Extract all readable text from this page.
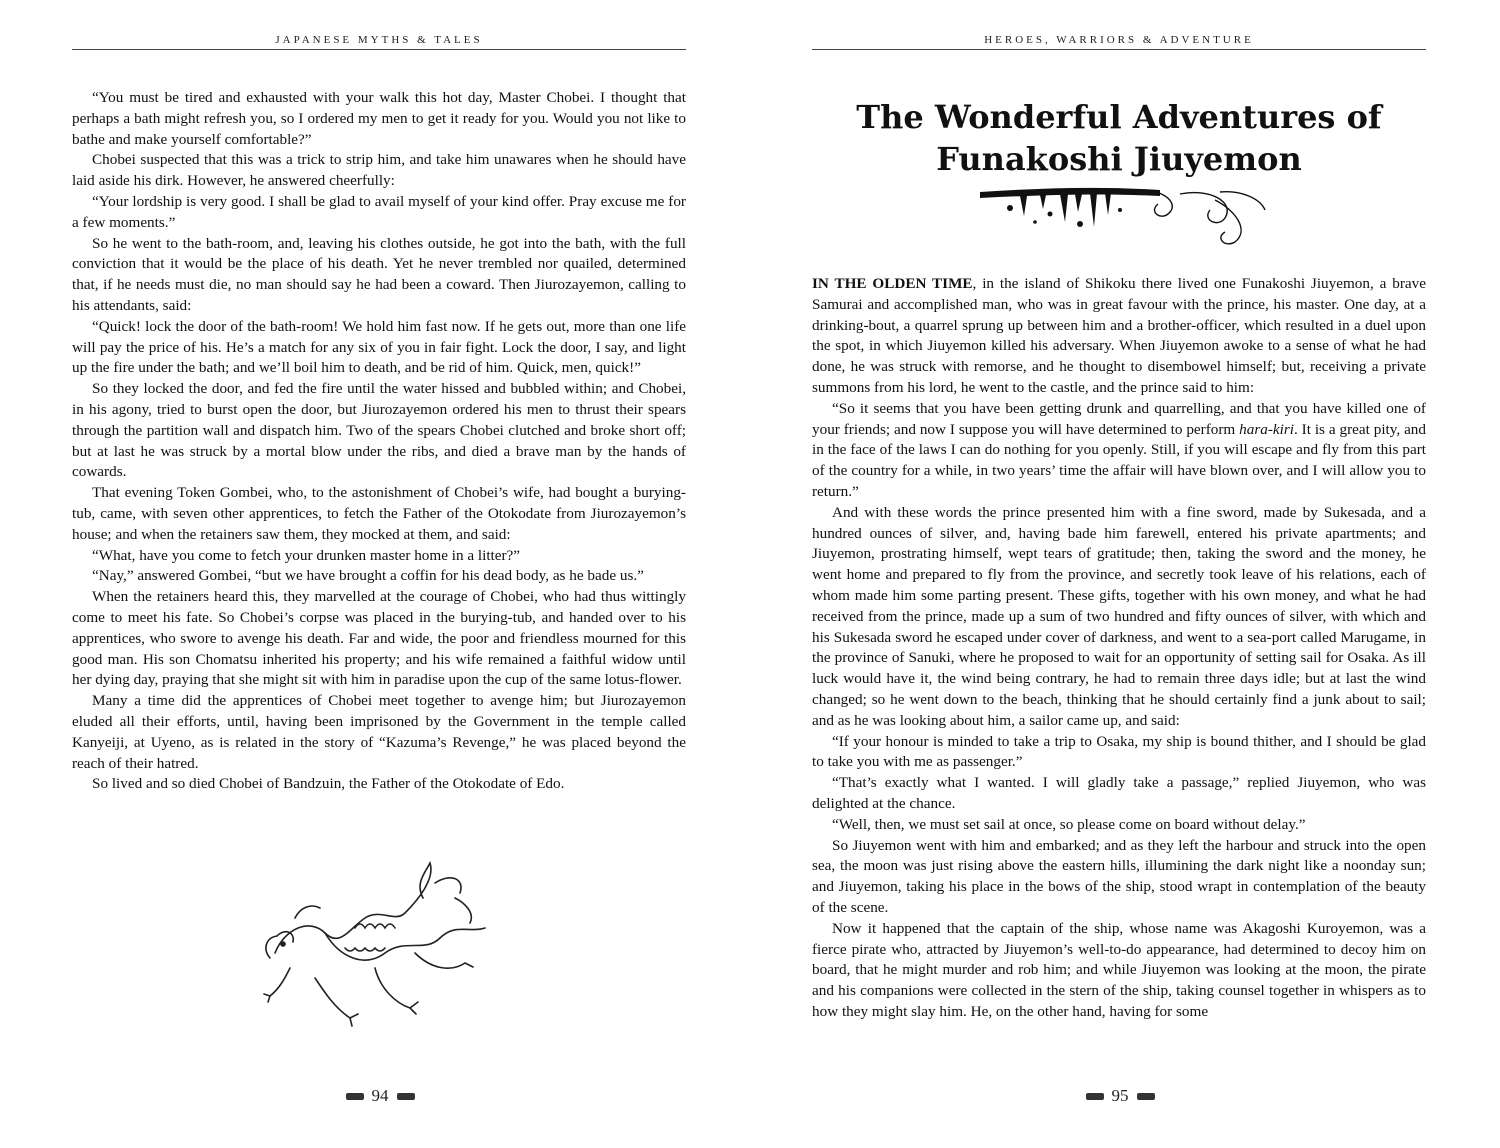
JAPANESE MYTHS & TALES

“You must be tired and exhausted with your walk this hot day, Master Chobei. I thought that perhaps a bath might refresh you, so I ordered my men to get it ready for you. Would you not like to bathe and make yourself comfortable?”

Chobei suspected that this was a trick to strip him, and take him unawares when he should have laid aside his dirk. However, he answered cheerfully:

“Your lordship is very good. I shall be glad to avail myself of your kind offer. Pray excuse me for a few moments.”

So he went to the bath-room, and, leaving his clothes outside, he got into the bath, with the full conviction that it would be the place of his death. Yet he never trembled nor quailed, determined that, if he needs must die, no man should say he had been a coward. Then Jiurozayemon, calling to his attendants, said:

“Quick! lock the door of the bath-room! We hold him fast now. If he gets out, more than one life will pay the price of his. He’s a match for any six of you in fair fight. Lock the door, I say, and light up the fire under the bath; and we’ll boil him to death, and be rid of him. Quick, men, quick!”

So they locked the door, and fed the fire until the water hissed and bubbled within; and Chobei, in his agony, tried to burst open the door, but Jiurozayemon ordered his men to thrust their spears through the partition wall and dispatch him. Two of the spears Chobei clutched and broke short off; but at last he was struck by a mortal blow under the ribs, and died a brave man by the hands of cowards.

That evening Token Gombei, who, to the astonishment of Chobei’s wife, had bought a burying-tub, came, with seven other apprentices, to fetch the Father of the Otokodate from Jiurozayemon’s house; and when the retainers saw them, they mocked at them, and said:

“What, have you come to fetch your drunken master home in a litter?”

“Nay,” answered Gombei, “but we have brought a coffin for his dead body, as he bade us.”

When the retainers heard this, they marvelled at the courage of Chobei, who had thus wittingly come to meet his fate. So Chobei’s corpse was placed in the burying-tub, and handed over to his apprentices, who swore to avenge his death. Far and wide, the poor and friendless mourned for this good man. His son Chomatsu inherited his property; and his wife remained a faithful widow until her dying day, praying that she might sit with him in paradise upon the cup of the same lotus-flower.

Many a time did the apprentices of Chobei meet together to avenge him; but Jiurozayemon eluded all their efforts, until, having been imprisoned by the Government in the temple called Kanyeiji, at Uyeno, as is related in the story of “Kazuma’s Revenge,” he was placed beyond the reach of their hatred.

So lived and so died Chobei of Bandzuin, the Father of the Otokodate of Edo.

94
HEROES, WARRIORS & ADVENTURE
The Wonderful Adventures of
Funakoshi Jiuyemon

IN THE OLDEN TIME, in the island of Shikoku there lived one Funakoshi Jiuyemon, a brave Samurai and accomplished man, who was in great favour with the prince, his master. One day, at a drinking-bout, a quarrel sprung up between him and a brother-officer, which resulted in a duel upon the spot, in which Jiuyemon killed his adversary. When Jiuyemon awoke to a sense of what he had done, he was struck with remorse, and he thought to disembowel himself; but, receiving a private summons from his lord, he went to the castle, and the prince said to him:

“So it seems that you have been getting drunk and quarrelling, and that you have killed one of your friends; and now I suppose you will have determined to perform hara-kiri. It is a great pity, and in the face of the laws I can do nothing for you openly. Still, if you will escape and fly from this part of the country for a while, in two years’ time the affair will have blown over, and I will allow you to return.”

And with these words the prince presented him with a fine sword, made by Sukesada, and a hundred ounces of silver, and, having bade him farewell, entered his private apartments; and Jiuyemon, prostrating himself, wept tears of gratitude; then, taking the sword and the money, he went home and prepared to fly from the province, and secretly took leave of his relations, each of whom made him some parting present. These gifts, together with his own money, and what he had received from the prince, made up a sum of two hundred and fifty ounces of silver, with which and his Sukesada sword he escaped under cover of darkness, and went to a sea-port called Marugame, in the province of Sanuki, where he proposed to wait for an opportunity of setting sail for Osaka. As ill luck would have it, the wind being contrary, he had to remain three days idle; but at last the wind changed; so he went down to the beach, thinking that he should certainly find a junk about to sail; and as he was looking about him, a sailor came up, and said:

“If your honour is minded to take a trip to Osaka, my ship is bound thither, and I should be glad to take you with me as passenger.”

“That’s exactly what I wanted. I will gladly take a passage,” replied Jiuyemon, who was delighted at the chance.

“Well, then, we must set sail at once, so please come on board without delay.”

So Jiuyemon went with him and embarked; and as they left the harbour and struck into the open sea, the moon was just rising above the eastern hills, illumining the dark night like a noonday sun; and Jiuyemon, taking his place in the bows of the ship, stood wrapt in contemplation of the beauty of the scene.

Now it happened that the captain of the ship, whose name was Akagoshi Kuroyemon, was a fierce pirate who, attracted by Jiuyemon’s well-to-do appearance, had determined to decoy him on board, that he might murder and rob him; and while Jiuyemon was looking at the moon, the pirate and his companions were collected in the stern of the ship, taking counsel together in whispers as to how they might slay him. He, on the other hand, having for some

95
